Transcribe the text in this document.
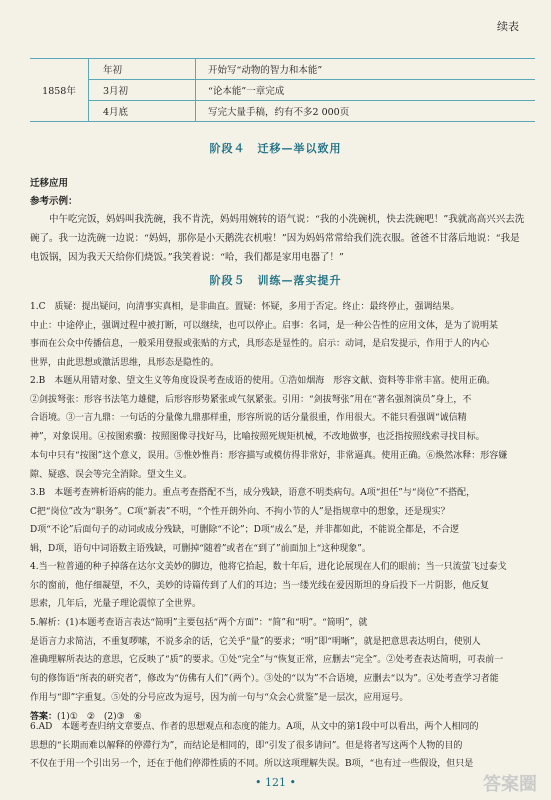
续表
1858年	年初	开始写“动物的智力和本能”
	3月初	“论本能”一章完成
	4月底	写完大量手稿，约有不多2 000页
阶段４　迁移—举以致用
迁移应用
参考示例：

中午吃完饭，妈妈叫我洗碗，我不肯洗，妈妈用婉转的语气说：“我的小洗碗机，快去洗碗吧！”我就高高兴兴去洗碗了。我一边洗碗一边说：“妈妈，那你是小天鹅洗衣机啦！”因为妈妈常常给我们洗衣服。爸爸不甘落后地说：“我是电饭锅，因为我天天给你们烧饭。”我笑着说：“哈，我们都是家用电器了！”

阶段５　训练—落实提升
1.C　质疑：提出疑问，向清事实真相，是非曲直。置疑：怀疑，多用于否定。终止：最终停止，强调结果。
中止：中途停止，强调过程中被打断，可以继续，也可以停止。启事：名词，是一种公告性的应用文体，是为了说明某
事而在公众中传播信息，一般采用登报或张贴的方式，具形态是显性的。启示：动词，是启发提示，作用于人的内心
世界，由此思想或激活思维，具形态是隐性的。
2.B　本题从用错对象、望文生义等角度设误考查成语的使用。①浩如烟海　形容文献、资料等非常丰富。使用正确。
②剑拔弩张：形容书法笔力雄健，后形容形势紧张或气氛紧张。引用：“剑拔弩张”用在“著名强剂演员”身上，不
合语境。③一言九鼎：一句话的分量像九鼎那样重，形容所说的话分量很重，作用很大。不能只看强调“诚信精
神”，对象误用。④按图索骥：按照图像寻找好马，比喻按照死规矩机械，不改地做事，也泛指按照线索寻找目标。
本句中只有“按图”这个意义，误用。⑤惟妙惟肖：形容描写或模仿得非常好，非常逼真。使用正确。⑥焕然冰释：形容嫌
隙、疑惑、误会等完全消除。望文生义。
3.B　本题考查辨析语病的能力。重点考查搭配不当，成分残缺，语意不明类病句。A项“担任”与“岗位”不搭配，
C把“岗位”改为“职务”。C项“新表”不明，“个性开朗外向、不拘小节的人”是指规章中的想象，还是现实？
D项“不论”后面句子的动词或成分残缺，可删除“不论”；D项“成么”是，并非都如此，不能说全都是，不合逻
辑，D项，语句中词语数主语残缺，可删掉“随着”或者在“到了”前面加上“这种现象”。
4.当一粒普通的种子掉落在达尔文美妙的脚边，他将它拾起，数十年后，进化论展现在人们的眼前；当一只流萤飞过泰戈
尔的窗前，他仔细凝望，不久，美妙的诗篇传到了人们的耳边；当一缕光线在爱因斯坦的身后投下一片阴影，他反复
思索，几年后，光量子理论震惊了全世界。
5.解析：(1)本题考查语言表达“简明”主要包括“两个方面”：“简”和“明”。“简明”，就
是语言力求简洁，不重复啰嗦，不说多余的话，它关乎“量”的要求；“明”即“明晰”，就是把意思表达明白，使别人
准确理解所表达的意思，它反映了“质”的要求。①处“完全”与“恢复正常，应删去“完全”。②处考查表达简明，可表前一
句的修饰语“所表的研究者”，修改为“仿佛有人们”（两个）。③处的“以为”不合语境，应删去“以为”。④处考查学习者能
作用与“即”字重复。⑤处的分号应改为逗号，因为前一句与“众会心赏鉴”是一层次，应用逗号。
答案：(1)①　②　(2)③　⑥
6.AD　本题考查归纳文章要点、作者的思想观点和态度的能力。A项，从文中的第1段中可以看出，两个人相同的
思想的“长期而难以解释的停滞行为”，而结论是相同的，即“引发了很多请问”。但是将者写这两个人物的目的
不仅在于用一个引出另一个，还在于他们停滞性质的不同。所以这项理解失误。B项，“也有过一些假设，但只是
• 121 •	答案圈
